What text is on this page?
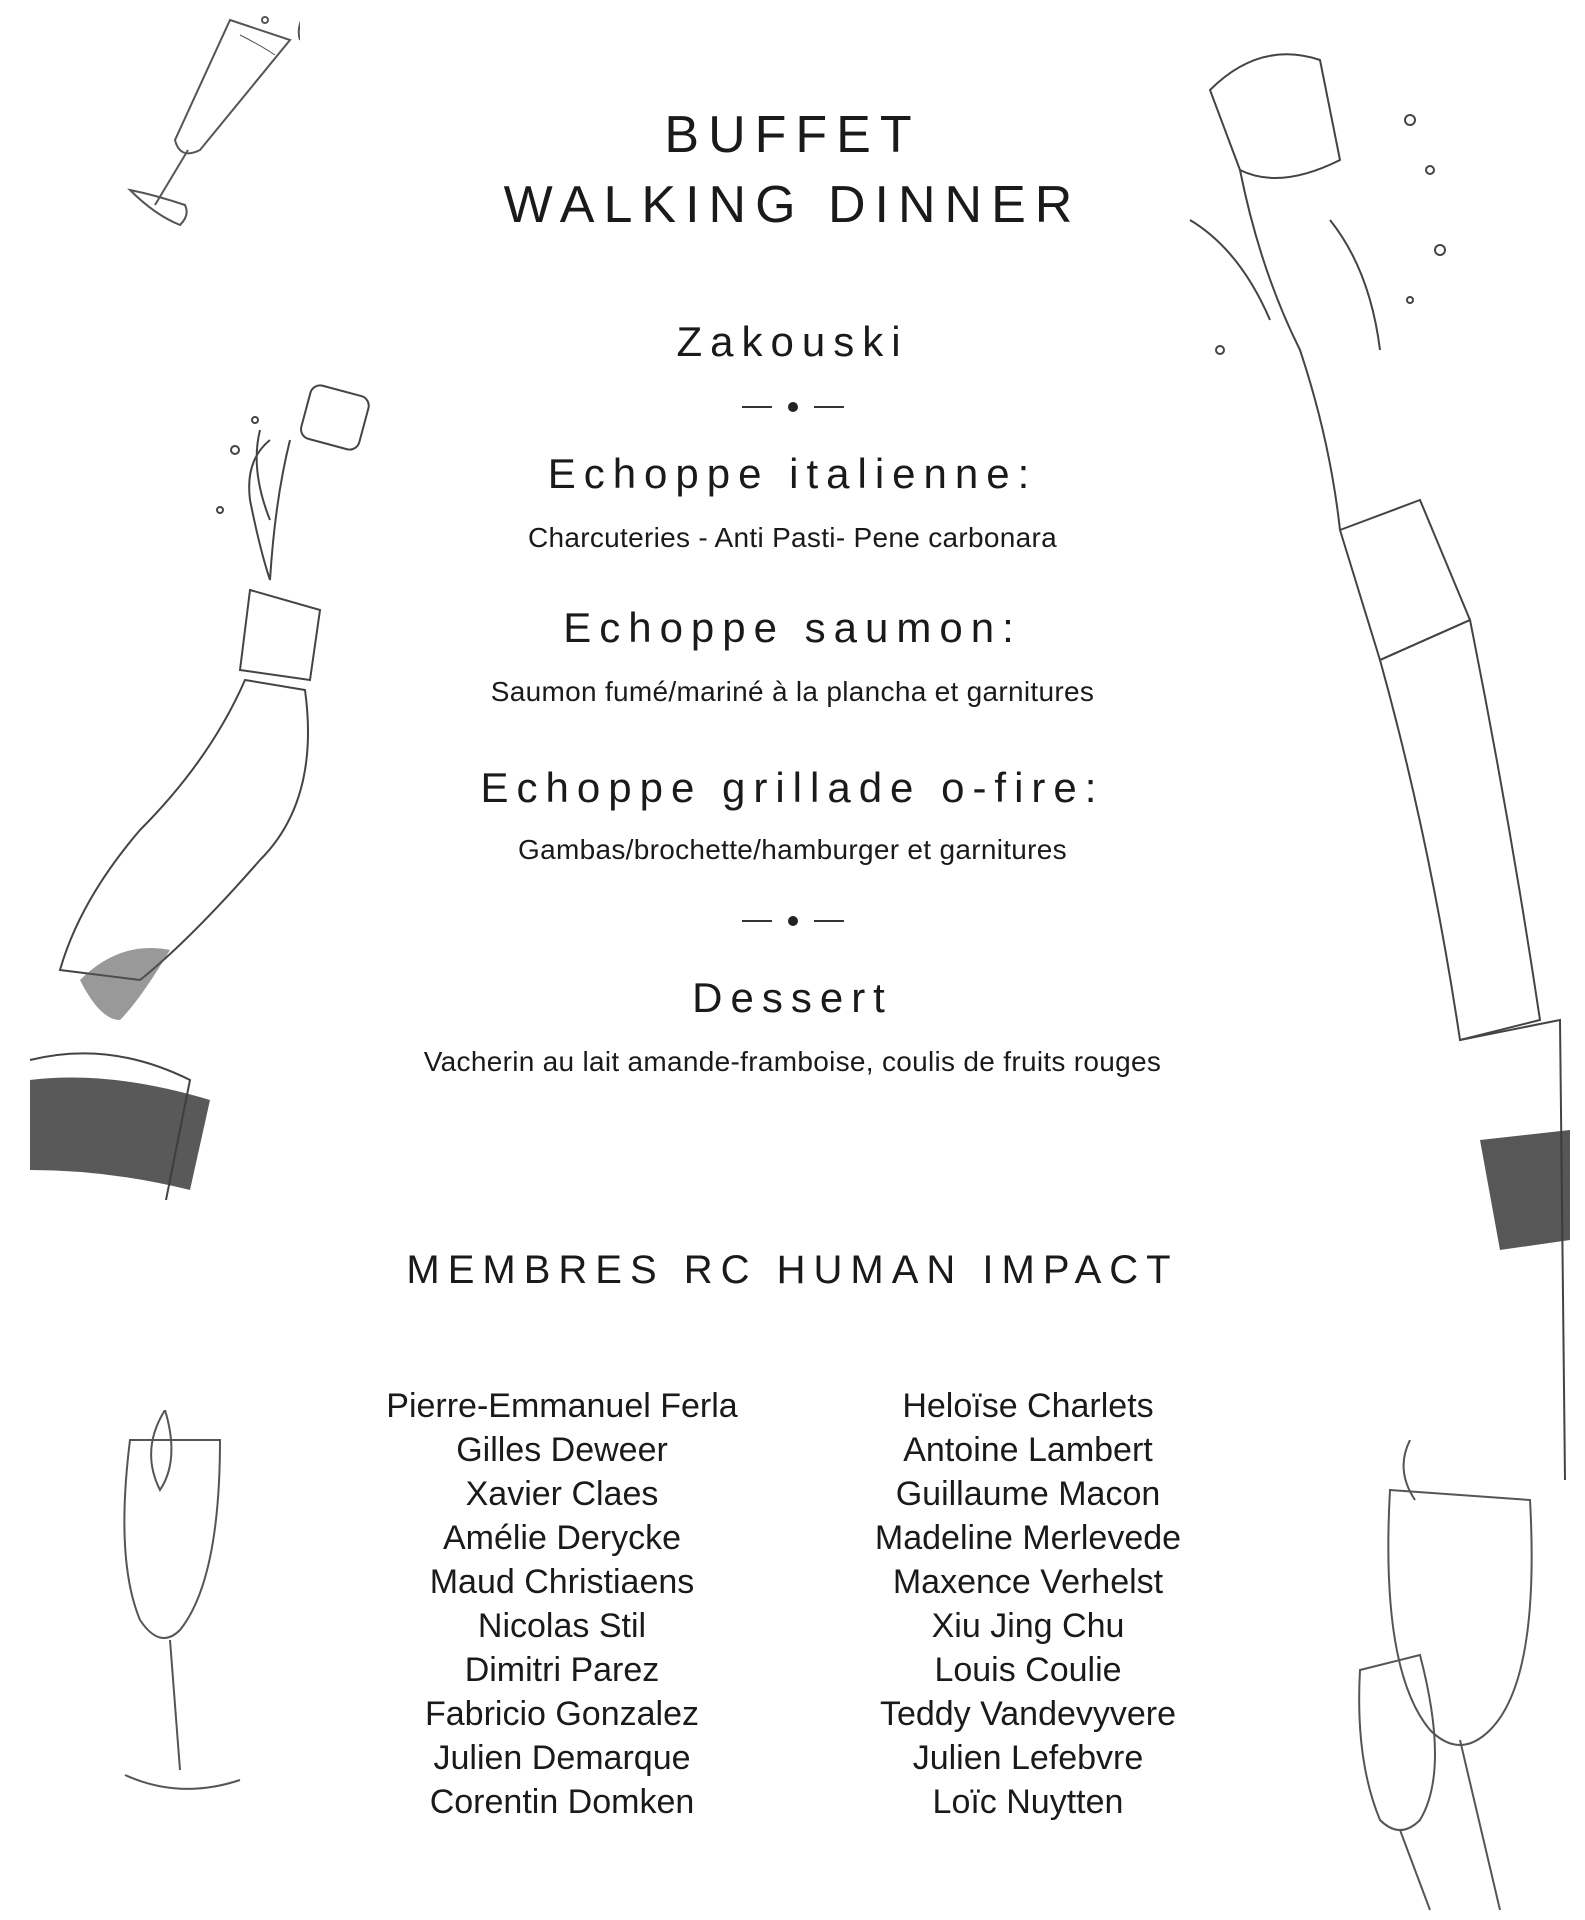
BUFFET
WALKING DINNER
Zakouski
Echoppe italienne:
Charcuteries - Anti Pasti- Pene carbonara
Echoppe saumon:
Saumon fumé/mariné à la plancha et garnitures
Echoppe grillade o-fire:
Gambas/brochette/hamburger et garnitures
Dessert
Vacherin au lait amande-framboise, coulis de fruits rouges
MEMBRES RC HUMAN IMPACT
Pierre-Emmanuel Ferla
Gilles Deweer
Xavier Claes
Amélie Derycke
Maud Christiaens
Nicolas Stil
Dimitri Parez
Fabricio Gonzalez
Julien Demarque
Corentin Domken
Heloïse Charlets
Antoine Lambert
Guillaume Macon
Madeline Merlevede
Maxence Verhelst
Xiu Jing Chu
Louis Coulie
Teddy Vandevyvere
Julien Lefebvre
Loïc Nuytten
